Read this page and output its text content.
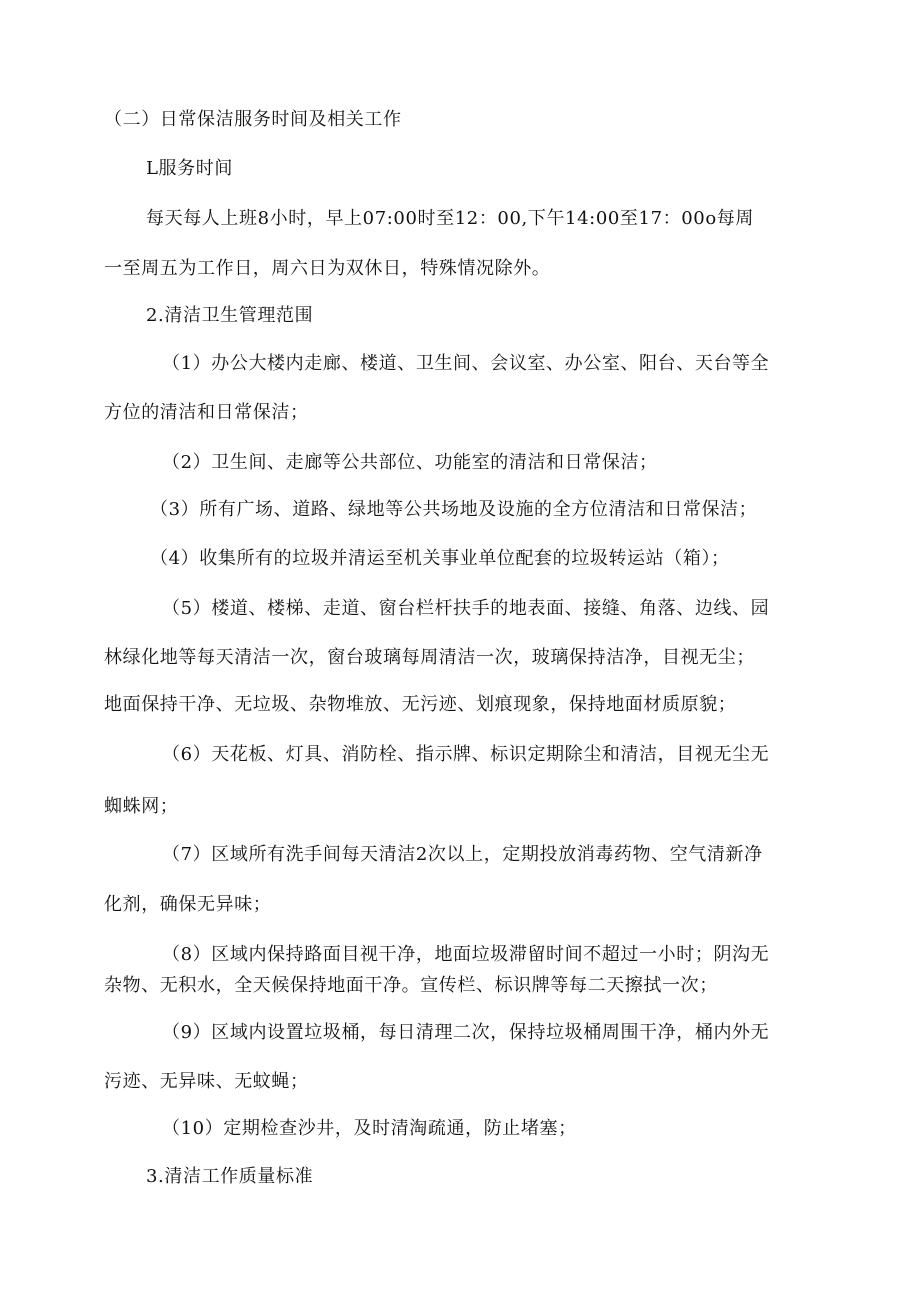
（二）日常保洁服务时间及相关工作
L服务时间
每天每人上班8小时，早上07:00时至12：00,下午14:00至17：00o每周
一至周五为工作日，周六日为双休日，特殊情况除外。
2.清洁卫生管理范围
（1）办公大楼内走廊、楼道、卫生间、会议室、办公室、阳台、天台等全
方位的清洁和日常保洁；
（2）卫生间、走廊等公共部位、功能室的清洁和日常保洁；
（3）所有广场、道路、绿地等公共场地及设施的全方位清洁和日常保洁；
（4）收集所有的垃圾并清运至机关事业单位配套的垃圾转运站（箱）；
（5）楼道、楼梯、走道、窗台栏杆扶手的地表面、接缝、角落、边线、园
林绿化地等每天清洁一次，窗台玻璃每周清洁一次，玻璃保持洁净，目视无尘；
地面保持干净、无垃圾、杂物堆放、无污迹、划痕现象，保持地面材质原貌；
（6）天花板、灯具、消防栓、指示牌、标识定期除尘和清洁，目视无尘无
蜘蛛网；
（7）区域所有洗手间每天清洁2次以上，定期投放消毒药物、空气清新净
化剂，确保无异味；
（8）区域内保持路面目视干净，地面垃圾滞留时间不超过一小时；阴沟无
杂物、无积水，全天候保持地面干净。宣传栏、标识牌等每二天擦拭一次；
（9）区域内设置垃圾桶，每日清理二次，保持垃圾桶周围干净，桶内外无
污迹、无异味、无蚊蝇；
（10）定期检查沙井，及时清淘疏通，防止堵塞；
3.清洁工作质量标准
